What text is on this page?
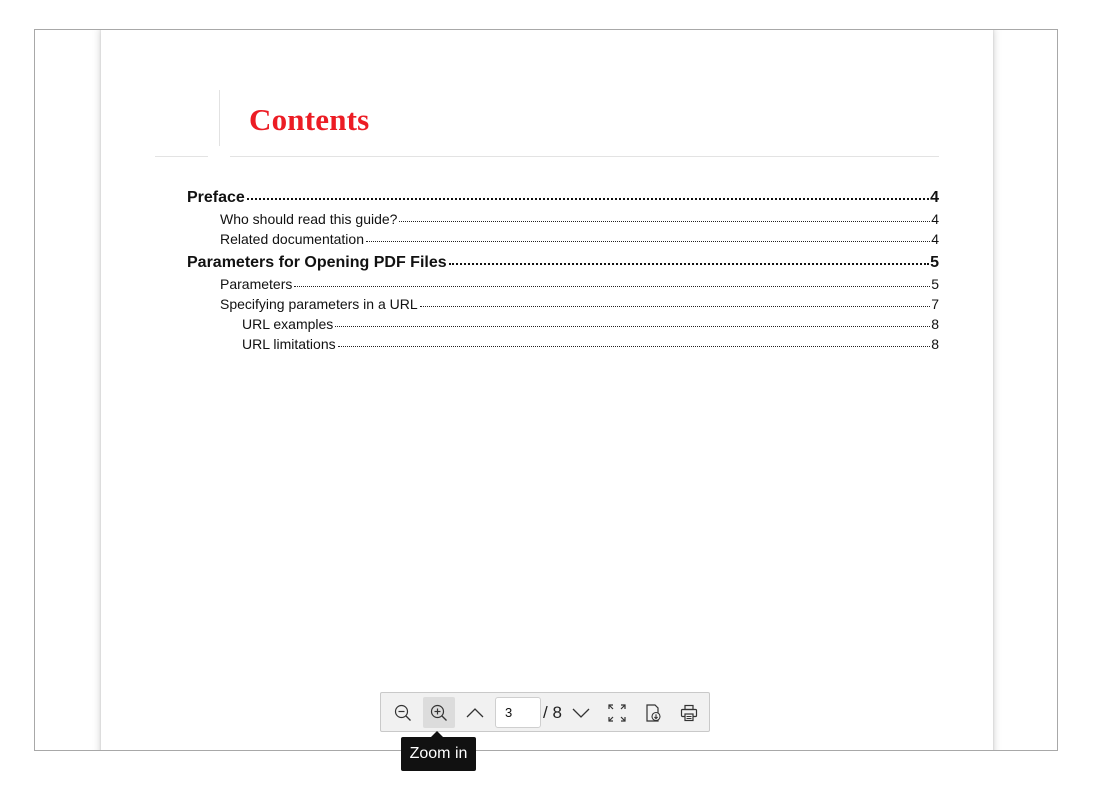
Contents
Preface	4
Who should read this guide?	4
Related documentation	4
Parameters for Opening PDF Files	5
Parameters	5
Specifying parameters in a URL	7
URL examples	8
URL limitations	8
3
/ 8
Zoom in
